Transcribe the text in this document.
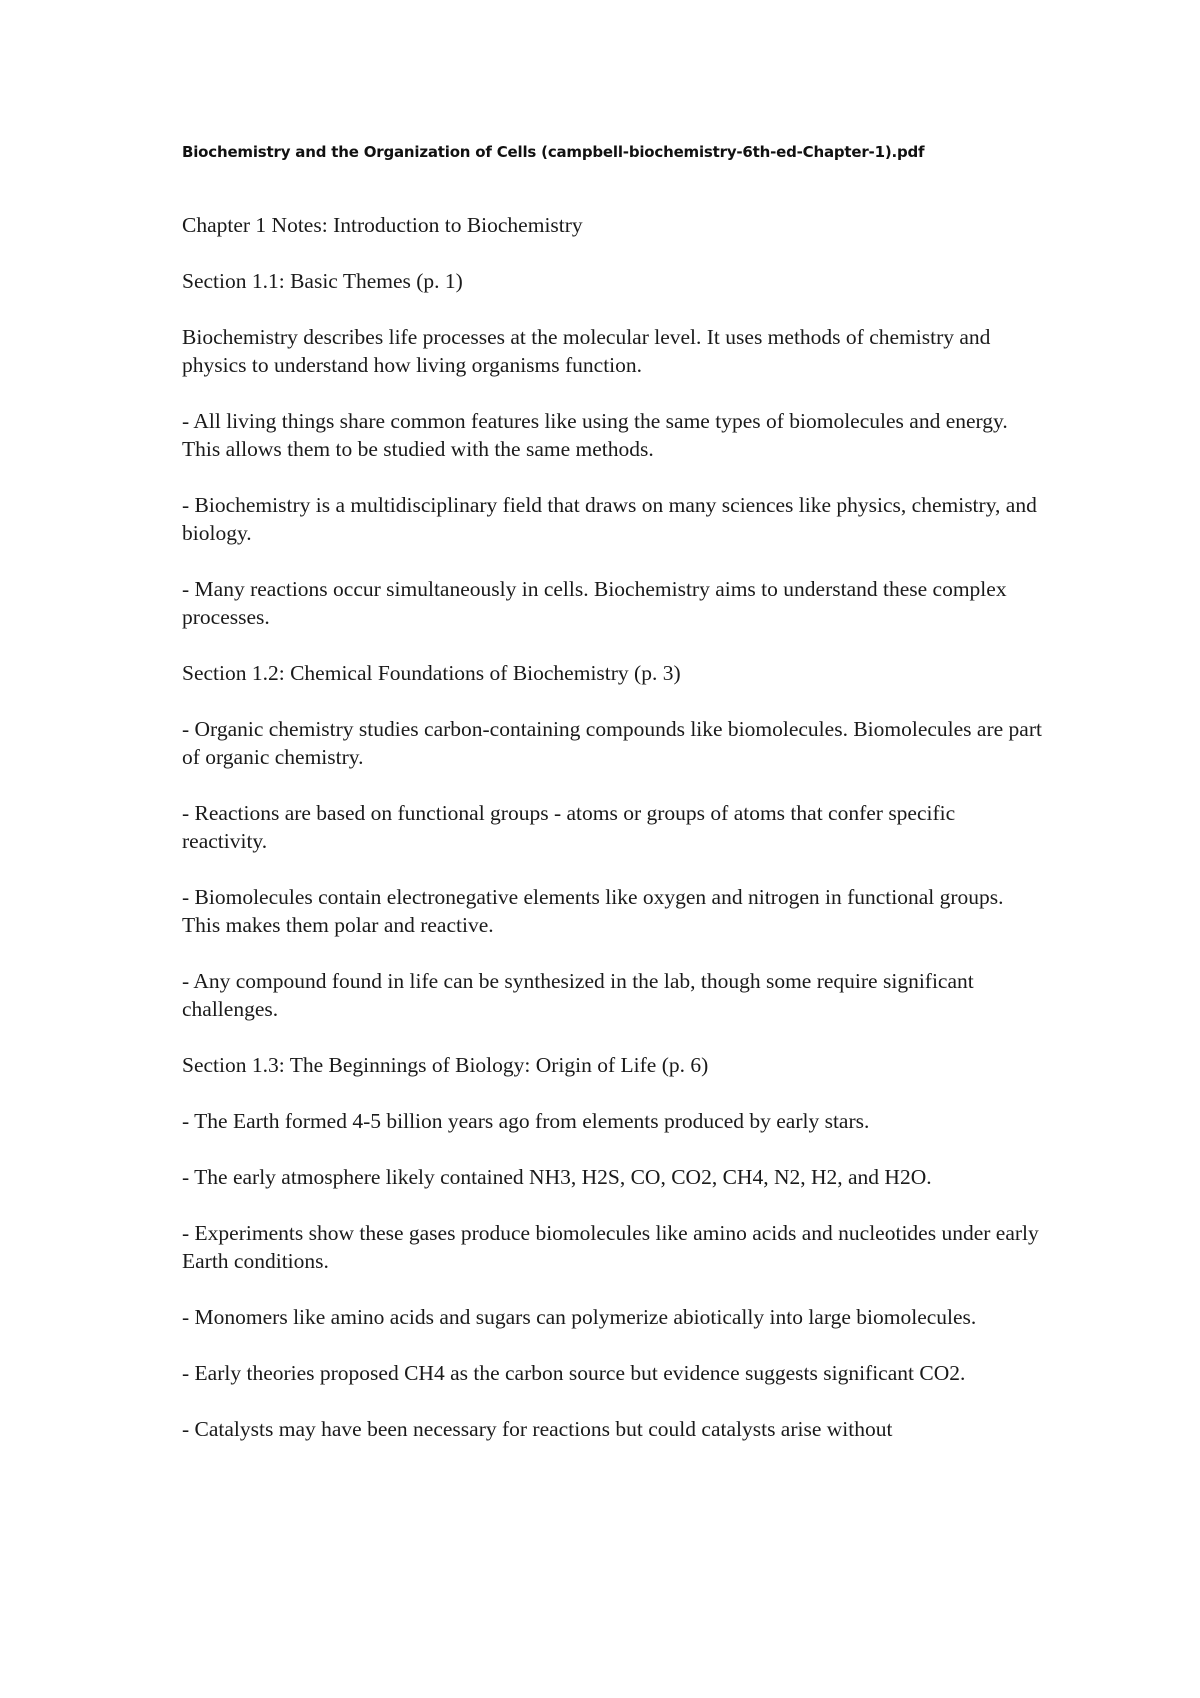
Biochemistry and the Organization of Cells (campbell-biochemistry-6th-ed-Chapter-1).pdf

Chapter 1 Notes: Introduction to Biochemistry

Section 1.1: Basic Themes (p. 1)

Biochemistry describes life processes at the molecular level. It uses methods of chemistry and physics to understand how living organisms function.

- All living things share common features like using the same types of biomolecules and energy. This allows them to be studied with the same methods.

- Biochemistry is a multidisciplinary field that draws on many sciences like physics, chemistry, and biology.

- Many reactions occur simultaneously in cells. Biochemistry aims to understand these complex processes.

Section 1.2: Chemical Foundations of Biochemistry (p. 3)

- Organic chemistry studies carbon-containing compounds like biomolecules. Biomolecules are part of organic chemistry.

- Reactions are based on functional groups - atoms or groups of atoms that confer specific reactivity.

- Biomolecules contain electronegative elements like oxygen and nitrogen in functional groups. This makes them polar and reactive.

- Any compound found in life can be synthesized in the lab, though some require significant challenges.

Section 1.3: The Beginnings of Biology: Origin of Life (p. 6)

- The Earth formed 4-5 billion years ago from elements produced by early stars.

- The early atmosphere likely contained NH3, H2S, CO, CO2, CH4, N2, H2, and H2O.

- Experiments show these gases produce biomolecules like amino acids and nucleotides under early Earth conditions.

- Monomers like amino acids and sugars can polymerize abiotically into large biomolecules.

- Early theories proposed CH4 as the carbon source but evidence suggests significant CO2.

- Catalysts may have been necessary for reactions but could catalysts arise without
